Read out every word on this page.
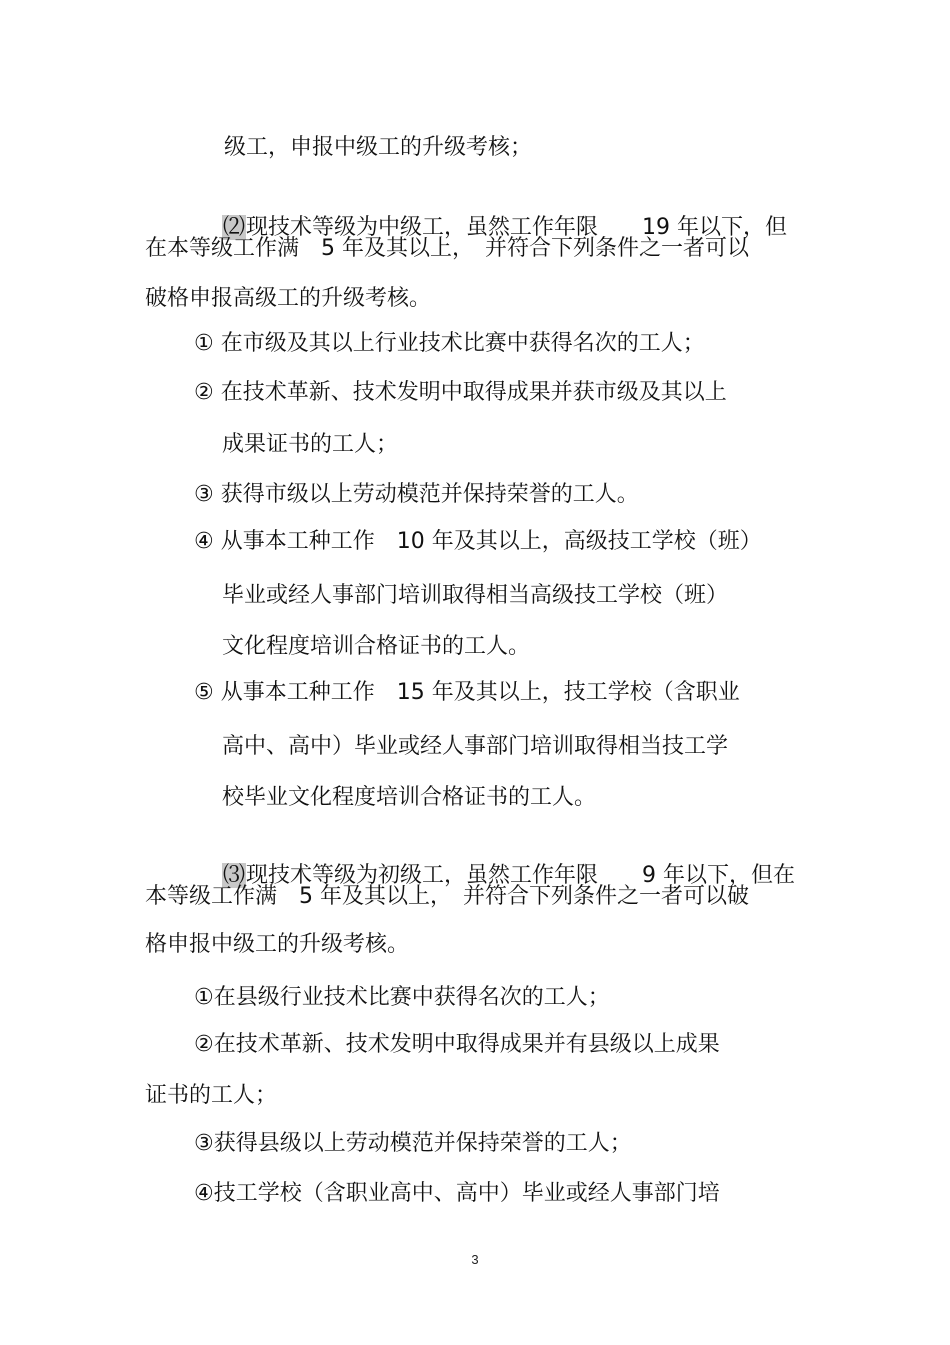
级工，申报中级工的升级考核；

⑵现技术等级为中级工，虽然工作年限　　19 年以下，但

在本等级工作满　5 年及其以上，　并符合下列条件之一者可以
破格申报高级工的升级考核。
① 在市级及其以上行业技术比赛中获得名次的工人；
② 在技术革新、技术发明中取得成果并获市级及其以上
成果证书的工人；
③ 获得市级以上劳动模范并保持荣誉的工人。
④ 从事本工种工作　10 年及其以上，高级技工学校（班）
毕业或经人事部门培训取得相当高级技工学校（班）
文化程度培训合格证书的工人。
⑤ 从事本工种工作　15 年及其以上，技工学校（含职业
高中、高中）毕业或经人事部门培训取得相当技工学
校毕业文化程度培训合格证书的工人。

⑶现技术等级为初级工，虽然工作年限　　9 年以下，但在

本等级工作满　5 年及其以上，　并符合下列条件之一者可以破
格申报中级工的升级考核。
①在县级行业技术比赛中获得名次的工人；
②在技术革新、技术发明中取得成果并有县级以上成果
证书的工人；
③获得县级以上劳动模范并保持荣誉的工人；
④技工学校（含职业高中、高中）毕业或经人事部门培
3
